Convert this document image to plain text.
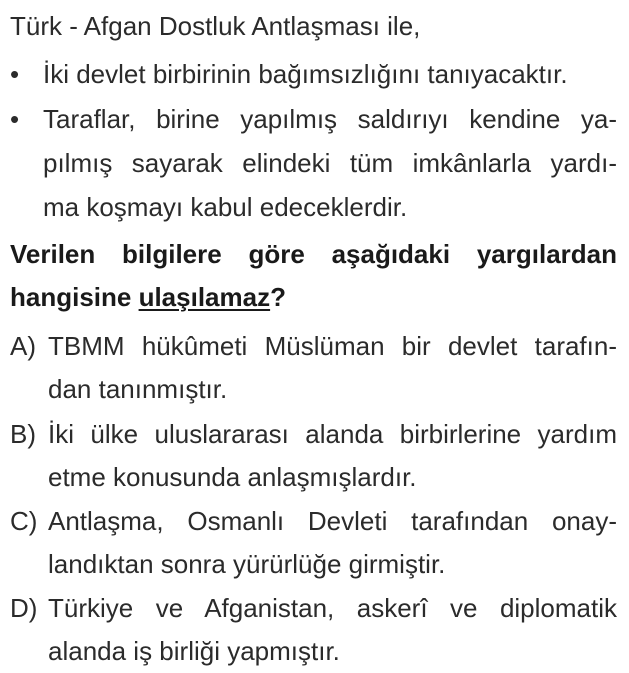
Türk - Afgan Dostluk Antlaşması ile,
• İki devlet birbirinin bağımsızlığını tanıyacaktır.
• Taraflar, birine yapılmış saldırıyı kendine ya-
pılmış sayarak elindeki tüm imkânlarla yardı-
ma koşmayı kabul edeceklerdir.
Verilen bilgilere göre aşağıdaki yargılardan
hangisine ulaşılamaz?
A) TBMM hükûmeti Müslüman bir devlet tarafın-
dan tanınmıştır.
B) İki ülke uluslararası alanda birbirlerine yardım
etme konusunda anlaşmışlardır.
C) Antlaşma, Osmanlı Devleti tarafından onay-
landıktan sonra yürürlüğe girmiştir.
D) Türkiye ve Afganistan, askerî ve diplomatik
alanda iş birliği yapmıştır.
